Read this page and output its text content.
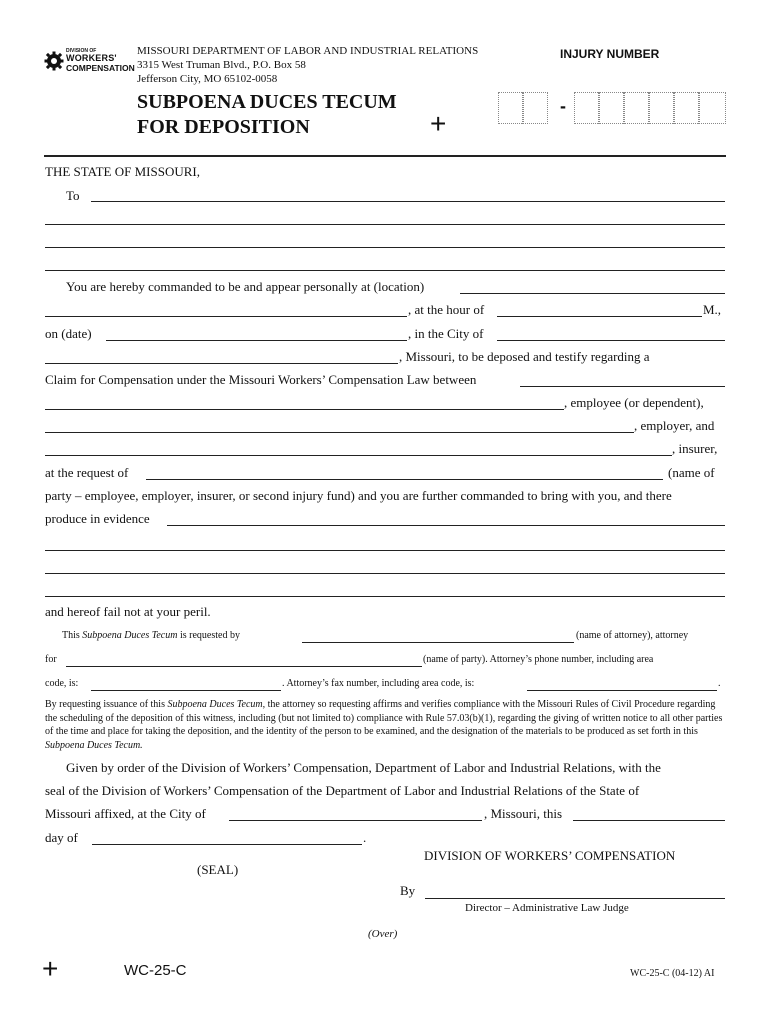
DIVISION OF
WORKERS'
COMPENSATION
MISSOURI DEPARTMENT OF LABOR AND INDUSTRIAL RELATIONS
3315 West Truman Blvd., P.O. Box 58
Jefferson City, MO 65102-0058
SUBPOENA DUCES TECUM
FOR DEPOSITION	+
INJURY NUMBER
-
THE STATE OF MISSOURI,
To
You are hereby commanded to be and appear personally at (location)
, at the hour of	M.,
on (date)	, in the City of
, Missouri, to be deposed and testify regarding a
Claim for Compensation under the Missouri Workers’ Compensation Law between
, employee (or dependent),
, employer, and
, insurer,
at the request of	(name of
party – employee, employer, insurer, or second injury fund) and you are further commanded to bring with you, and there
produce in evidence
and hereof fail not at your peril.
This Subpoena Duces Tecum is requested by	(name of attorney), attorney
for	(name of party). Attorney’s phone number, including area
code, is:	. Attorney’s fax number, including area code, is:	.
By requesting issuance of this Subpoena Duces Tecum, the attorney so requesting affirms and verifies compliance with the Missouri Rules of Civil Procedure regarding the scheduling of the deposition of this witness, including (but not limited to) compliance with Rule 57.03(b)(1), regarding the giving of written notice to all other parties of the time and place for taking the deposition, and the identity of the person to be examined, and the designation of the materials to be produced as set forth in this Subpoena Duces Tecum.
Given by order of the Division of Workers’ Compensation, Department of Labor and Industrial Relations, with the
seal of the Division of Workers’ Compensation of the Department of Labor and Industrial Relations of the State of
Missouri affixed, at the City of	, Missouri, this
day of	.
DIVISION OF WORKERS’ COMPENSATION
(SEAL)
By
Director – Administrative Law Judge
(Over)
+	WC-25-C	WC-25-C (04-12) AI
